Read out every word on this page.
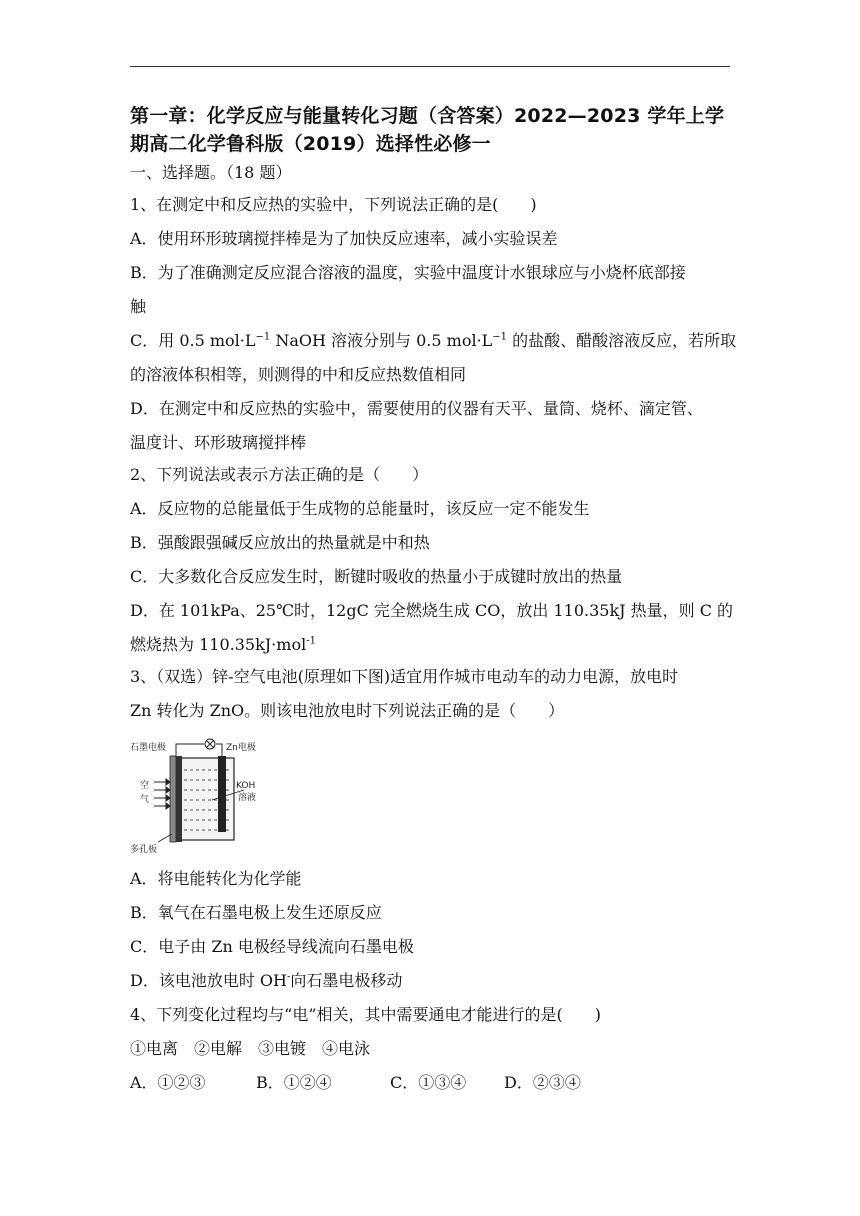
第一章：化学反应与能量转化习题（含答案）2022—2023 学年上学
期高二化学鲁科版（2019）选择性必修一
一、选择题。（18 题）
1、在测定中和反应热的实验中，下列说法正确的是(　　)
A．使用环形玻璃搅拌棒是为了加快反应速率，减小实验误差
B．为了准确测定反应混合溶液的温度，实验中温度计水银球应与小烧杯底部接
触
C．用 0.5 $mol\cdot L^{-1}$ NaOH 溶液分别与 0.5 $mol\cdot L^{-1}$ 的盐酸、醋酸溶液反应，若所取
的溶液体积相等，则测得的中和反应热数值相同
D．在测定中和反应热的实验中，需要使用的仪器有天平、量筒、烧杯、滴定管、
温度计、环形玻璃搅拌棒
2、下列说法或表示方法正确的是（　　）
A．反应物的总能量低于生成物的总能量时，该反应一定不能发生
B．强酸跟强碱反应放出的热量就是中和热
C．大多数化合反应发生时，断键时吸收的热量小于成键时放出的热量
D．在 101kPa、25℃时，12gC 完全燃烧生成 CO，放出 110.35kJ 热量，则 C 的
燃烧热为 110.35kJ·mol$^{-1}$
3、（双选）锌-空气电池(原理如下图)适宜用作城市电动车的动力电源，放电时
Zn 转化为 ZnO。则该电池放电时下列说法正确的是（　　）
石墨电极	Zn电极
空
气
KOH
溶液
多孔板
A．将电能转化为化学能
B．氧气在石墨电极上发生还原反应
C．电子由 Zn 电极经导线流向石墨电极
D．该电池放电时 OH-向石墨电极移动
4、下列变化过程均与“电”相关，其中需要通电才能进行的是(　　)
①电离　②电解　③电镀　④电泳
A．①②③	B．①②④	C．①③④ D．②③④
